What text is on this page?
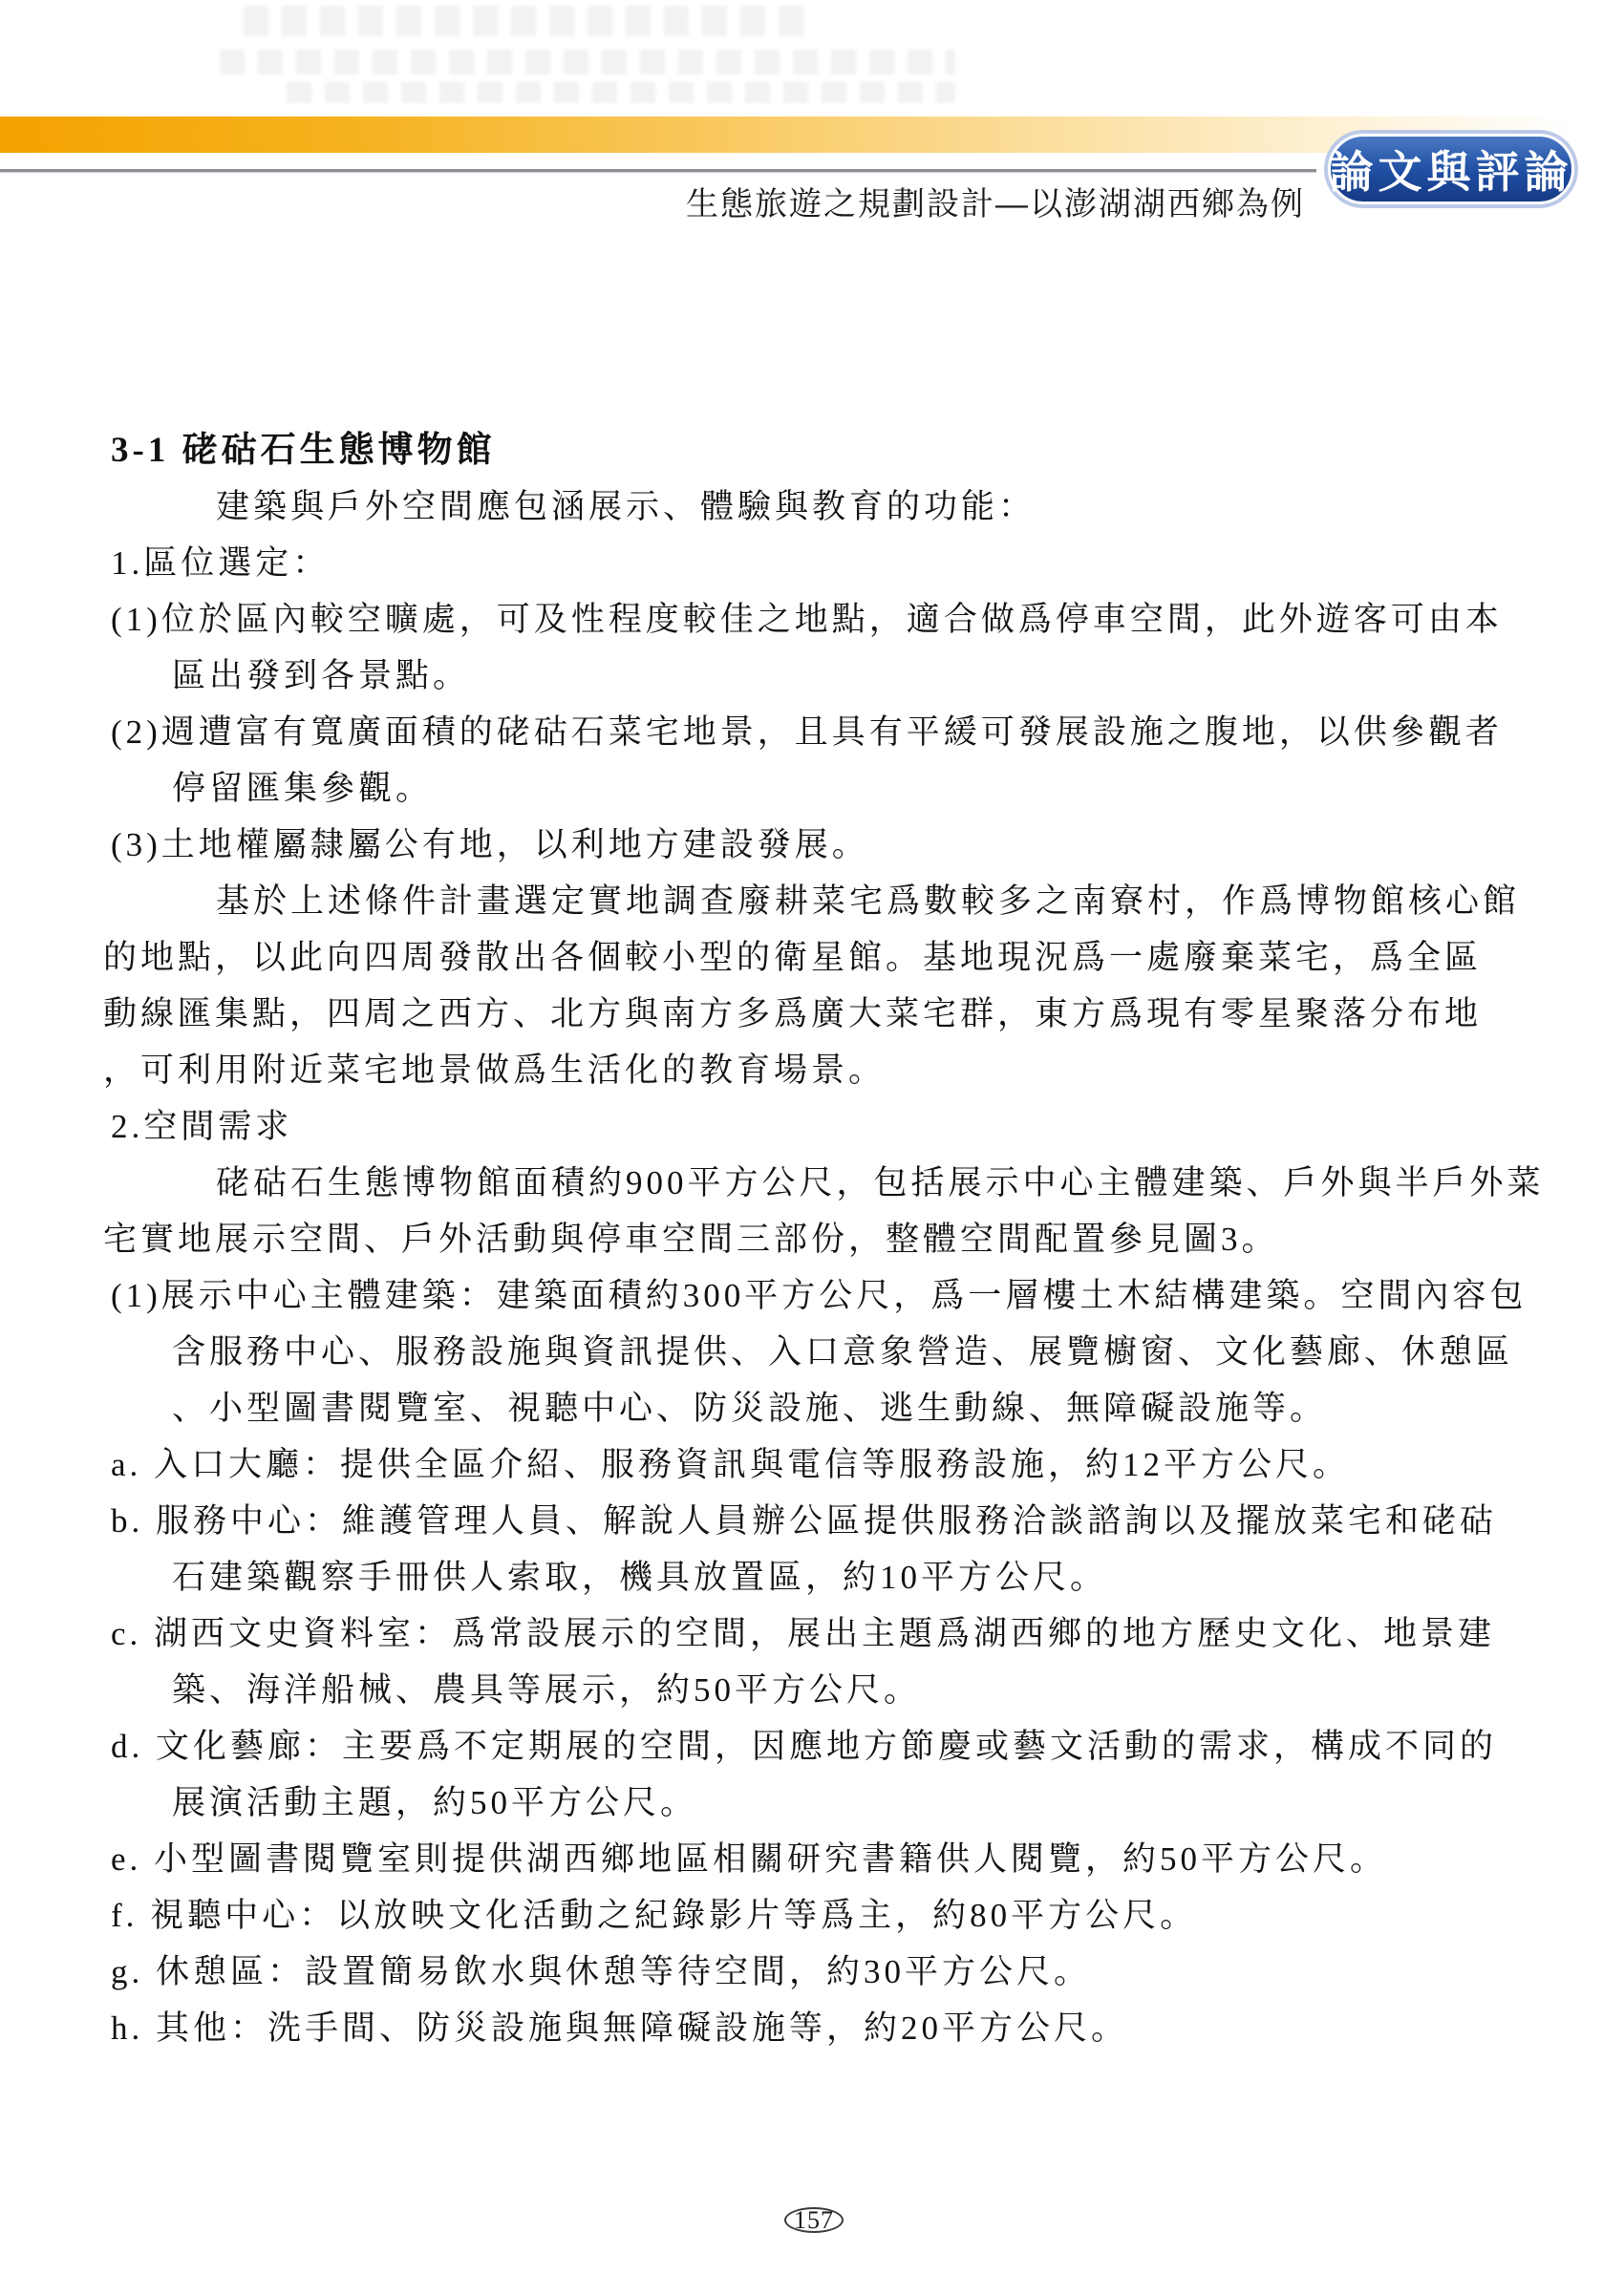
生態旅遊之規劃設計—以澎湖湖西鄉為例
論文與評論
3-1 硓𥑮石生態博物館
建築與戶外空間應包涵展示、體驗與教育的功能：
1.區位選定：
(1)位於區內較空曠處，可及性程度較佳之地點，適合做爲停車空間，此外遊客可由本
區出發到各景點。
(2)週遭富有寬廣面積的硓𥑮石菜宅地景，且具有平緩可發展設施之腹地，以供參觀者
停留匯集參觀。
(3)土地權屬隸屬公有地，以利地方建設發展。
基於上述條件計畫選定實地調查廢耕菜宅爲數較多之南寮村，作爲博物館核心館
的地點，以此向四周發散出各個較小型的衛星館。基地現況爲一處廢棄菜宅，爲全區
動線匯集點，四周之西方、北方與南方多爲廣大菜宅群，東方爲現有零星聚落分布地
，可利用附近菜宅地景做爲生活化的教育場景。
2.空間需求
硓𥑮石生態博物館面積約900平方公尺，包括展示中心主體建築、戶外與半戶外菜
宅實地展示空間、戶外活動與停車空間三部份，整體空間配置參見圖3。
(1)展示中心主體建築：建築面積約300平方公尺，爲一層樓土木結構建築。空間內容包
含服務中心、服務設施與資訊提供、入口意象營造、展覽櫥窗、文化藝廊、休憩區
、小型圖書閱覽室、視聽中心、防災設施、逃生動線、無障礙設施等。
a. 入口大廳：提供全區介紹、服務資訊與電信等服務設施，約12平方公尺。
b. 服務中心：維護管理人員、解說人員辦公區提供服務洽談諮詢以及擺放菜宅和硓𥑮
石建築觀察手冊供人索取，機具放置區，約10平方公尺。
c. 湖西文史資料室：爲常設展示的空間，展出主題爲湖西鄉的地方歷史文化、地景建
築、海洋船械、農具等展示，約50平方公尺。
d. 文化藝廊：主要爲不定期展的空間，因應地方節慶或藝文活動的需求，構成不同的
展演活動主題，約50平方公尺。
e. 小型圖書閱覽室則提供湖西鄉地區相關研究書籍供人閱覽，約50平方公尺。
f. 視聽中心：以放映文化活動之紀錄影片等爲主，約80平方公尺。
g. 休憩區：設置簡易飲水與休憩等待空間，約30平方公尺。
h. 其他：洗手間、防災設施與無障礙設施等，約20平方公尺。
157
